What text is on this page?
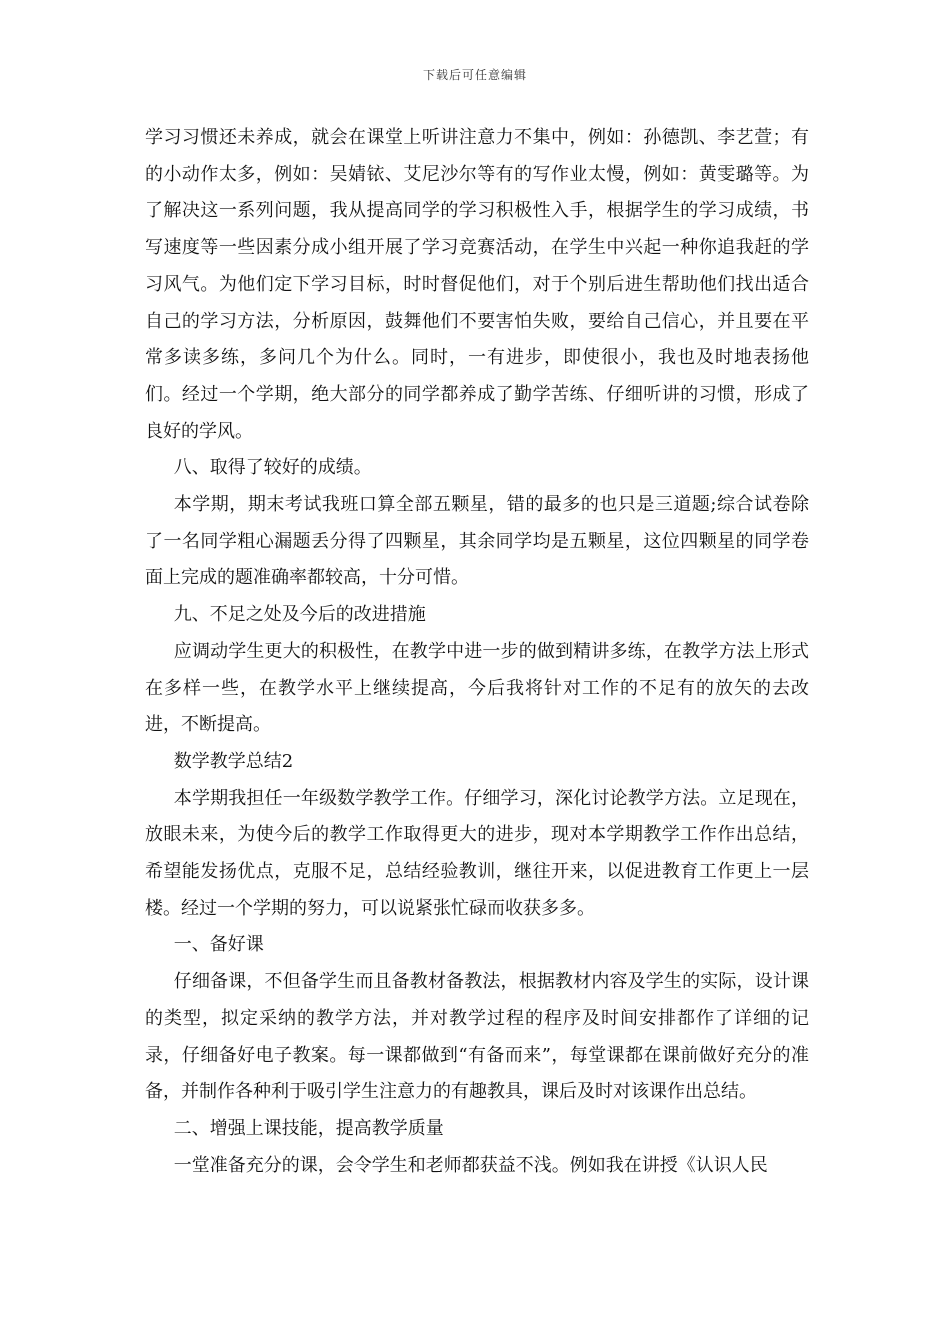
下载后可任意编辑

学习习惯还未养成，就会在课堂上听讲注意力不集中，例如：孙德凯、李艺萱；有的小动作太多，例如：吴婧铱、艾尼沙尔等有的写作业太慢，例如：黄雯璐等。为了解决这一系列问题，我从提高同学的学习积极性入手，根据学生的学习成绩，书写速度等一些因素分成小组开展了学习竞赛活动，在学生中兴起一种你追我赶的学习风气。为他们定下学习目标，时时督促他们，对于个别后进生帮助他们找出适合自己的学习方法，分析原因，鼓舞他们不要害怕失败，要给自己信心，并且要在平常多读多练，多问几个为什么。同时，一有进步，即使很小，我也及时地表扬他们。经过一个学期，绝大部分的同学都养成了勤学苦练、仔细听讲的习惯，形成了良好的学风。

八、取得了较好的成绩。

本学期，期末考试我班口算全部五颗星，错的最多的也只是三道题;综合试卷除了一名同学粗心漏题丢分得了四颗星，其余同学均是五颗星，这位四颗星的同学卷面上完成的题准确率都较高，十分可惜。

九、不足之处及今后的改进措施

应调动学生更大的积极性，在教学中进一步的做到精讲多练，在教学方法上形式在多样一些，在教学水平上继续提高，今后我将针对工作的不足有的放矢的去改进，不断提高。

数学教学总结2

本学期我担任一年级数学教学工作。仔细学习，深化讨论教学方法。立足现在，放眼未来，为使今后的教学工作取得更大的进步，现对本学期教学工作作出总结，希望能发扬优点，克服不足，总结经验教训，继往开来，以促进教育工作更上一层楼。经过一个学期的努力，可以说紧张忙碌而收获多多。

一、备好课

仔细备课，不但备学生而且备教材备教法，根据教材内容及学生的实际，设计课的类型，拟定采纳的教学方法，并对教学过程的程序及时间安排都作了详细的记录，仔细备好电子教案。每一课都做到“有备而来”，每堂课都在课前做好充分的准备，并制作各种利于吸引学生注意力的有趣教具，课后及时对该课作出总结。

二、增强上课技能，提高教学质量

一堂准备充分的课，会令学生和老师都获益不浅。例如我在讲授《认识人民
